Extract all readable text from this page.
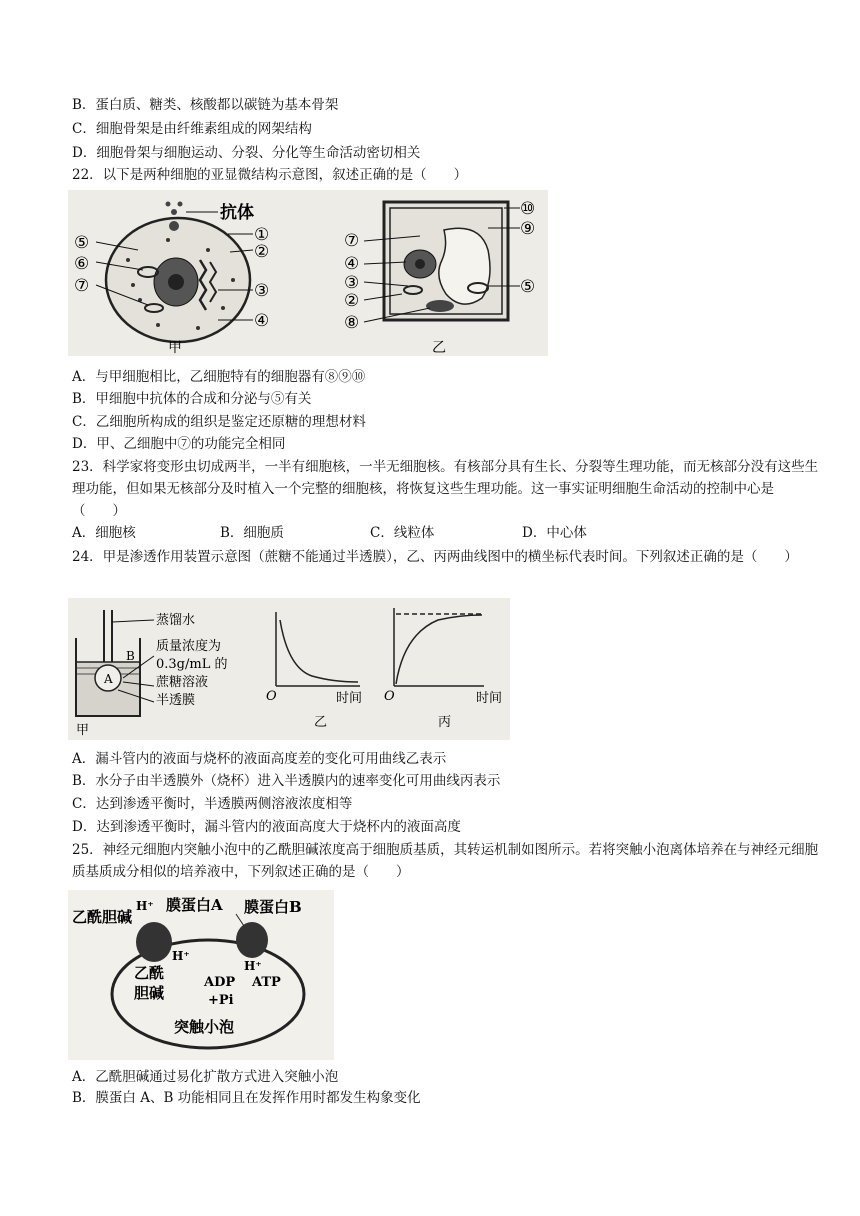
B．蛋白质、糖类、核酸都以碳链为基本骨架
C．细胞骨架是由纤维素组成的网架结构
D．细胞骨架与细胞运动、分裂、分化等生命活动密切相关
22．以下是两种细胞的亚显微结构示意图，叙述正确的是（　　）
⑤
⑥
⑦
抗体
①
②
③
④
甲
⑦
④
③
②
⑧
⑩
⑨
⑤
乙
A．与甲细胞相比，乙细胞特有的细胞器有⑧⑨⑩
B．甲细胞中抗体的合成和分泌与⑤有关
C．乙细胞所构成的组织是鉴定还原糖的理想材料
D．甲、乙细胞中⑦的功能完全相同
23．科学家将变形虫切成两半，一半有细胞核，一半无细胞核。有核部分具有生长、分裂等生理功能，而无核部分没有这些生理功能，但如果无核部分及时植入一个完整的细胞核，将恢复这些生理功能。这一事实证明细胞生命活动的控制中心是（　　）
A．细胞核	B．细胞质	C．线粒体	D．中心体
24．甲是渗透作用装置示意图（蔗糖不能通过半透膜），乙、丙两曲线图中的横坐标代表时间。下列叙述正确的是（　　）
A
B
蒸馏水
质量浓度为
0.3g/mL 的
蔗糖溶液
半透膜
甲
O	时间
乙
O	时间
丙
A．漏斗管内的液面与烧杯的液面高度差的变化可用曲线乙表示
B．水分子由半透膜外（烧杯）进入半透膜内的速率变化可用曲线丙表示
C．达到渗透平衡时，半透膜两侧溶液浓度相等
D．达到渗透平衡时，漏斗管内的液面高度大于烧杯内的液面高度
25．神经元细胞内突触小泡中的乙酰胆碱浓度高于细胞质基质，其转运机制如图所示。若将突触小泡离体培养在与神经元细胞质基质成分相似的培养液中，下列叙述正确的是（　　）
乙酰胆碱
H⁺ 膜蛋白A 膜蛋白B
H⁺
H⁺
乙酰
胆碱
ADP
+Pi
ATP
突触小泡
A．乙酰胆碱通过易化扩散方式进入突触小泡
B．膜蛋白 A、B 功能相同且在发挥作用时都发生构象变化
